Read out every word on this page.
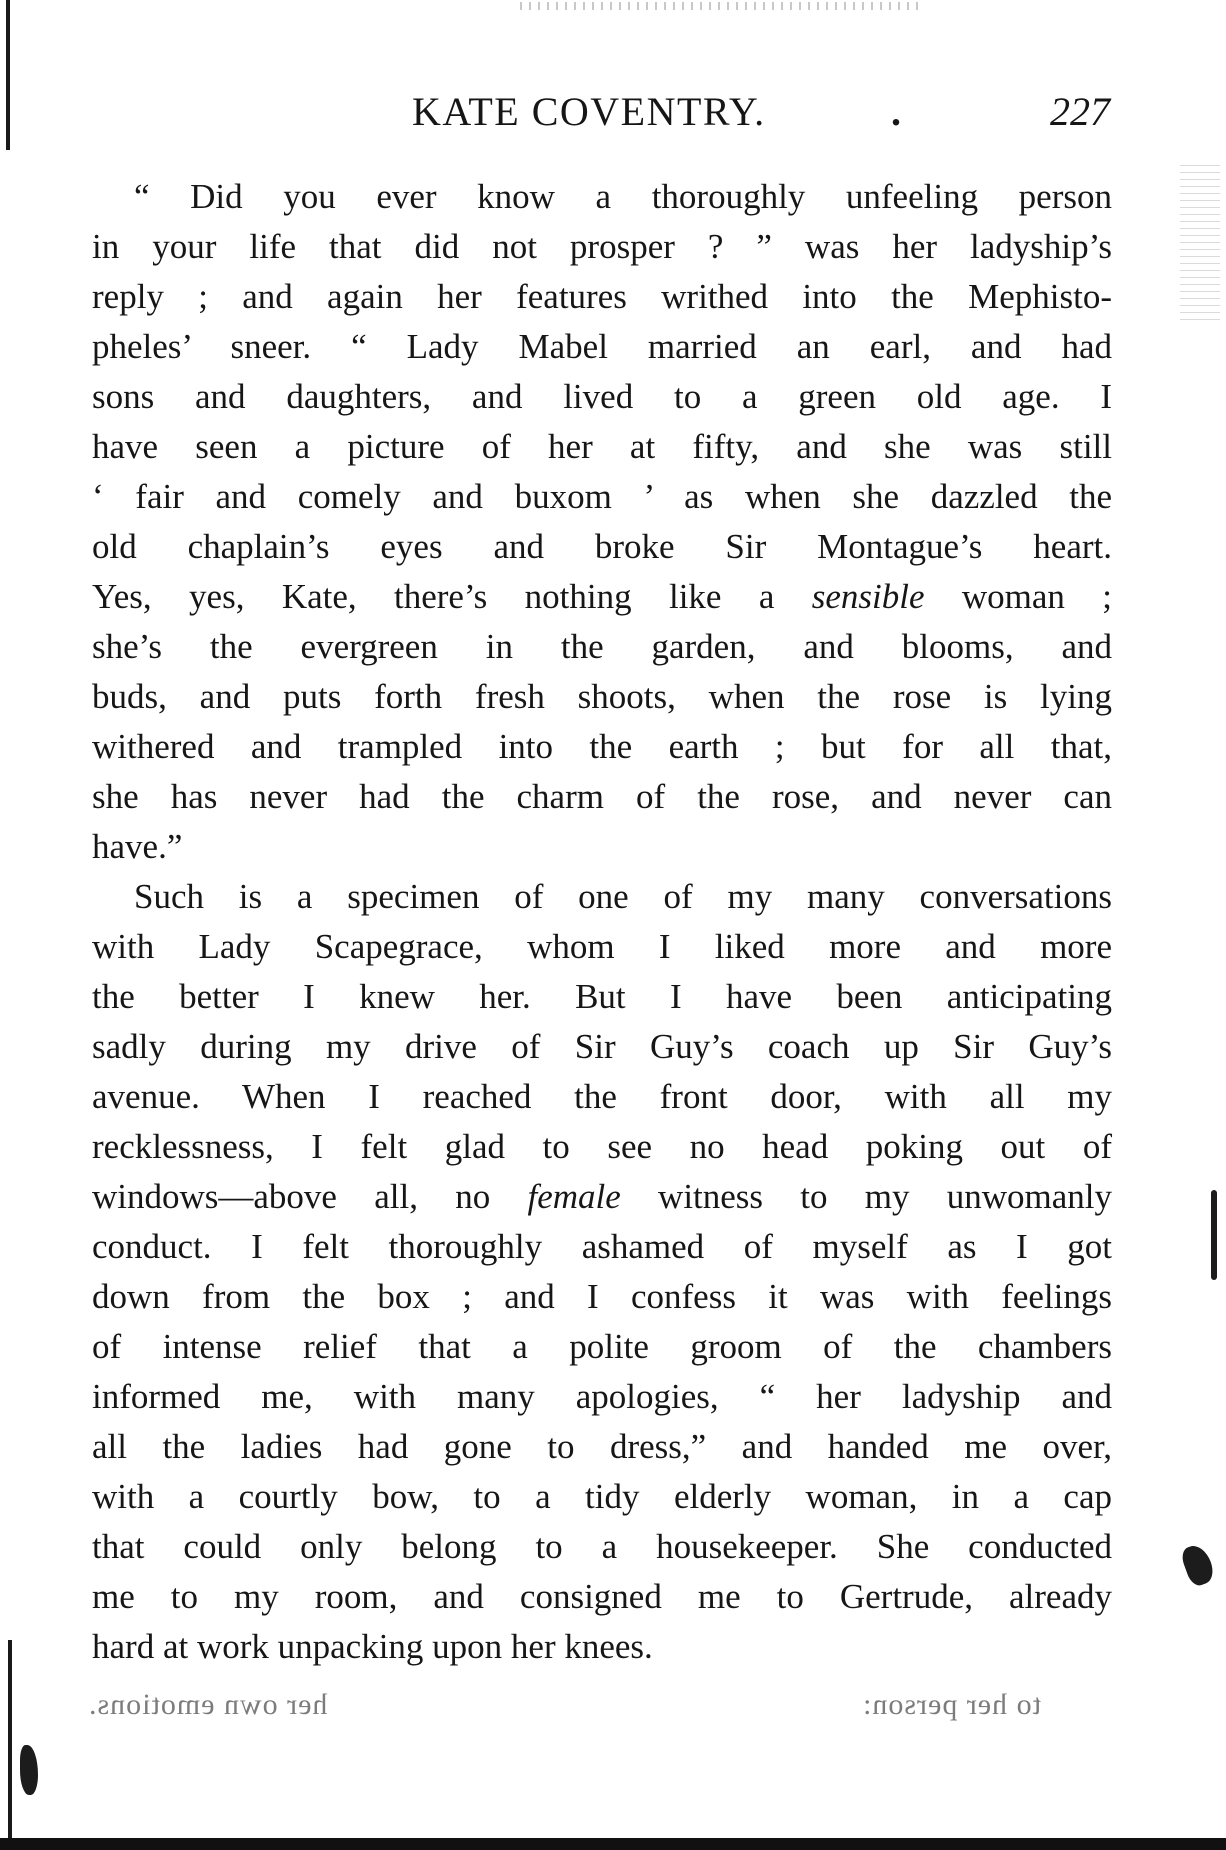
KATE COVENTRY.	.	227
“ Did you ever know a thoroughly unfeeling person
in your life that did not prosper ? ” was her ladyship’s
reply ; and again her features writhed into the Mephisto-
pheles’ sneer. “ Lady Mabel married an earl, and had
sons and daughters, and lived to a green old age. I
have seen a picture of her at fifty, and she was still
‘ fair and comely and buxom ’ as when she dazzled the
old chaplain’s eyes and broke Sir Montague’s heart.
Yes, yes, Kate, there’s nothing like a sensible woman ;
she’s the evergreen in the garden, and blooms, and
buds, and puts forth fresh shoots, when the rose is lying
withered and trampled into the earth ; but for all that,
she has never had the charm of the rose, and never can
have.”
Such is a specimen of one of my many conversations
with Lady Scapegrace, whom I liked more and more
the better I knew her. But I have been anticipating
sadly during my drive of Sir Guy’s coach up Sir Guy’s
avenue. When I reached the front door, with all my
recklessness, I felt glad to see no head poking out of
windows—above all, no female witness to my unwomanly
conduct. I felt thoroughly ashamed of myself as I got
down from the box ; and I confess it was with feelings
of intense relief that a polite groom of the chambers
informed me, with many apologies, “ her ladyship and
all the ladies had gone to dress,” and handed me over,
with a courtly bow, to a tidy elderly woman, in a cap
that could only belong to a housekeeper. She conducted
me to my room, and consigned me to Gertrude, already
hard at work unpacking upon her knees.
her own emotions.	to her person:
